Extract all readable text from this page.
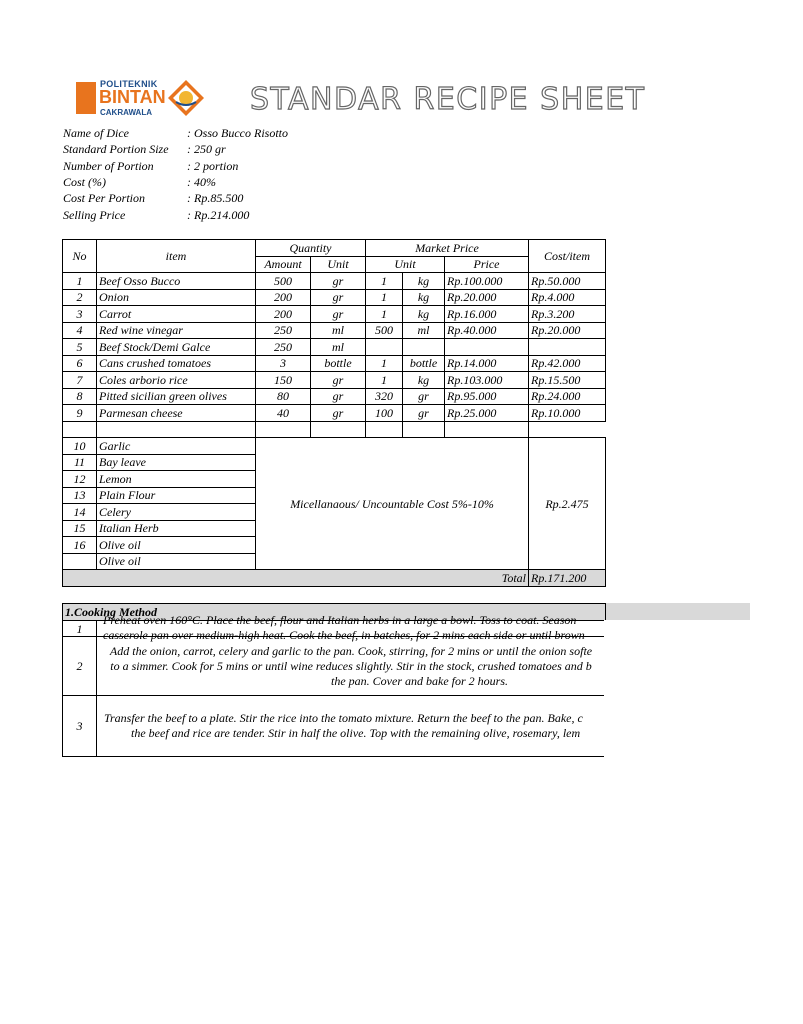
POLITEKNIK
BINTAN
CAKRAWALA	STANDAR RECIPE SHEET
Name of Dice	: Osso Bucco Risotto
Standard Portion Size : 250 gr
Number of Portion	: 2 portion
Cost (%)	: 40%
Cost Per Portion	: Rp.85.500
Selling Price	: Rp.214.000
No	item	Quantity		Market Price			Cost/item
		Amount	Unit	Unit		Price	
1	Beef Osso Bucco	500	gr	1	kg	Rp.100.000	Rp.50.000
2	Onion	200	gr	1	kg	Rp.20.000	Rp.4.000
3	Carrot	200	gr	1	kg	Rp.16.000	Rp.3.200
4	Red wine vinegar	250	ml	500	ml	Rp.40.000	Rp.20.000
5	Beef Stock/Demi Galce	250	ml				
6	Cans crushed tomatoes	3	bottle	1	bottle	Rp.14.000	Rp.42.000
7	Coles arborio rice	150	gr	1	kg	Rp.103.000	Rp.15.500
8	Pitted sicilian green olives	80	gr	320	gr	Rp.95.000	Rp.24.000
9	Parmesan cheese	40	gr	100	gr	Rp.25.000	Rp.10.000

10	Garlic	Micellanaous/ Uncountable Cost 5%-10%					Rp.2.475
11	Bay leave						
12	Lemon						
13	Plain Flour						
14	Celery						
15	Italian Herb						
16	Olive oil						
	Olive oil						
Total							Rp.171.200
1.Cooking Method	
1	Preheat oven 160°C. Place the beef, flour and Italian herbs in a large a bowl. Toss to coat. Season
casserole pan over medium-high heat. Cook the beef, in batches, for 2 mins each side or until brown

2	Add the onion, carrot, celery and garlic to the pan. Cook, stirring, for 2 mins or until the onion softe
to a simmer. Cook for 5 mins or until wine reduces slightly. Stir in the stock, crushed tomatoes and b
the pan. Cover and bake for 2 hours.

3	Transfer the beef to a plate. Stir the rice into the tomato mixture. Return the beef to the pan. Bake, c
the beef and rice are tender. Stir in half the olive. Top with the remaining olive, rosemary, lem
